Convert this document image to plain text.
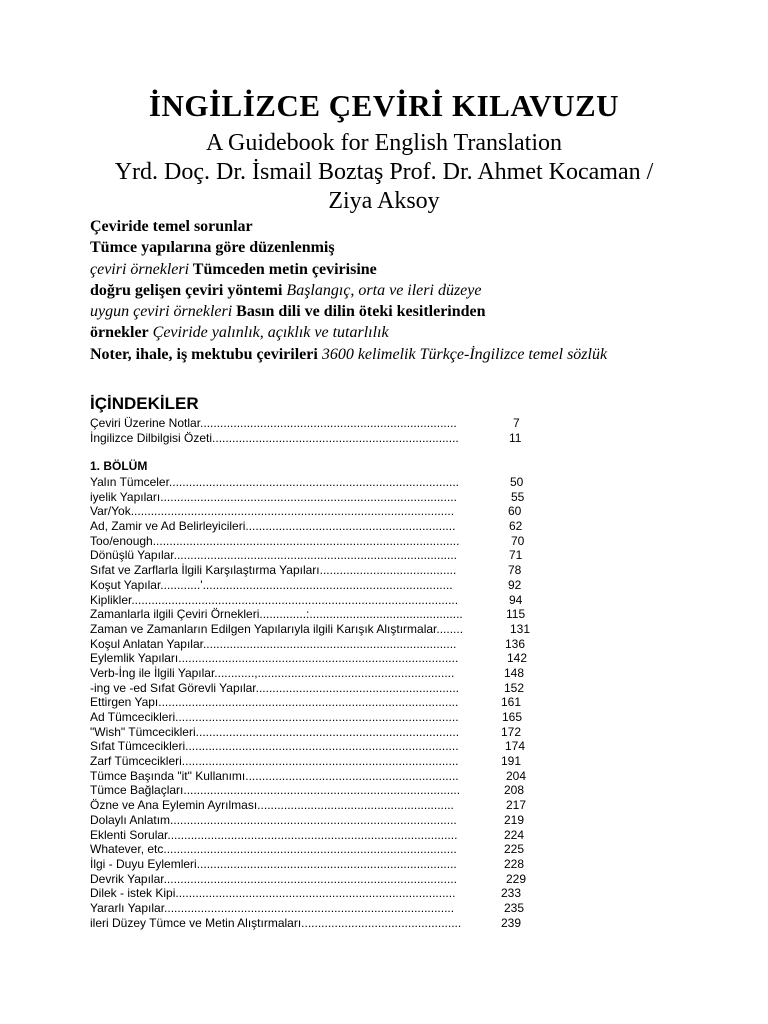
İNGİLİZCE ÇEVİRİ KILAVUZU
A Guidebook for English Translation
Yrd. Doç. Dr. İsmail Boztaş Prof. Dr. Ahmet Kocaman /
Ziya Aksoy
Çeviride temel sorunlar
Tümce yapılarına göre düzenlenmiş
çeviri örnekleri Tümceden metin çevirisine
doğru gelişen çeviri yöntemi Başlangıç, orta ve ileri düzeye
uygun çeviri örnekleri Basın dili ve dilin öteki kesitlerinden
örnekler Çeviride yalınlık, açıklık ve tutarlılık
Noter, ihale, iş mektubu çevirileri 3600 kelimelik Türkçe-İngilizce temel sözlük
İÇİNDEKİLER
Çeviri Üzerine Notlar.............................................................................	7
İngilizce Dilbilgisi Özeti..........................................................................	11
1. BÖLÜM
Yalın Tümceler.......................................................................................	50
iyelik Yapıları.........................................................................................	55
Var/Yok.................................................................................................	60
Ad, Zamir ve Ad Belirleyicileri...............................................................	62
Too/enough............................................................................................	70
Dönüşlü Yapılar.....................................................................................	71
Sıfat ve Zarflarla İlgili Karşılaştırma Yapıları.........................................	78
Koşut Yapılar............'...........................................................................	92
Kiplikler..................................................................................................	94
Zamanlarla ilgili Çeviri Örnekleri..............:..............................................	115
Zaman ve Zamanların Edilgen Yapılarıyla ilgili Karışık Alıştırmalar........	131
Koşul Anlatan Yapılar............................................................................	136
Eylemlik Yapıları....................................................................................	142
Verb-İng ile İlgili Yapılar............,...........................................................	148
-ing ve -ed Sıfat Görevli Yapılar.............................................................	152
Ettirgen Yapı..........................................................................................	161
Ad Tümcecikleri.....................................................................................	165
"Wish" Tümcecikleri...............................................................................	172
Sıfat Tümcecikleri..................................................................................	174
Zarf Tümcecikleri...................................................................................	191
Tümce Başında "it" Kullanımı................................................................	204
Tümce Bağlaçları...................................................................................	208
Özne ve Ana Eylemin Ayrılması...........................................................	217
Dolaylı Anlatım......................................................................................	219
Eklenti Sorular.......................................................................................	224
Whatever, etc........................................................................................	225
İlgi - Duyu Eylemleri..............................................................................	228
Devrik Yapılar........................................................................................	229
Dilek - istek Kipi....................................................................................	233
Yararlı Yapılar.......................................................................................	235
ileri Düzey Tümce ve Metin Alıştırmaları................................................	239
